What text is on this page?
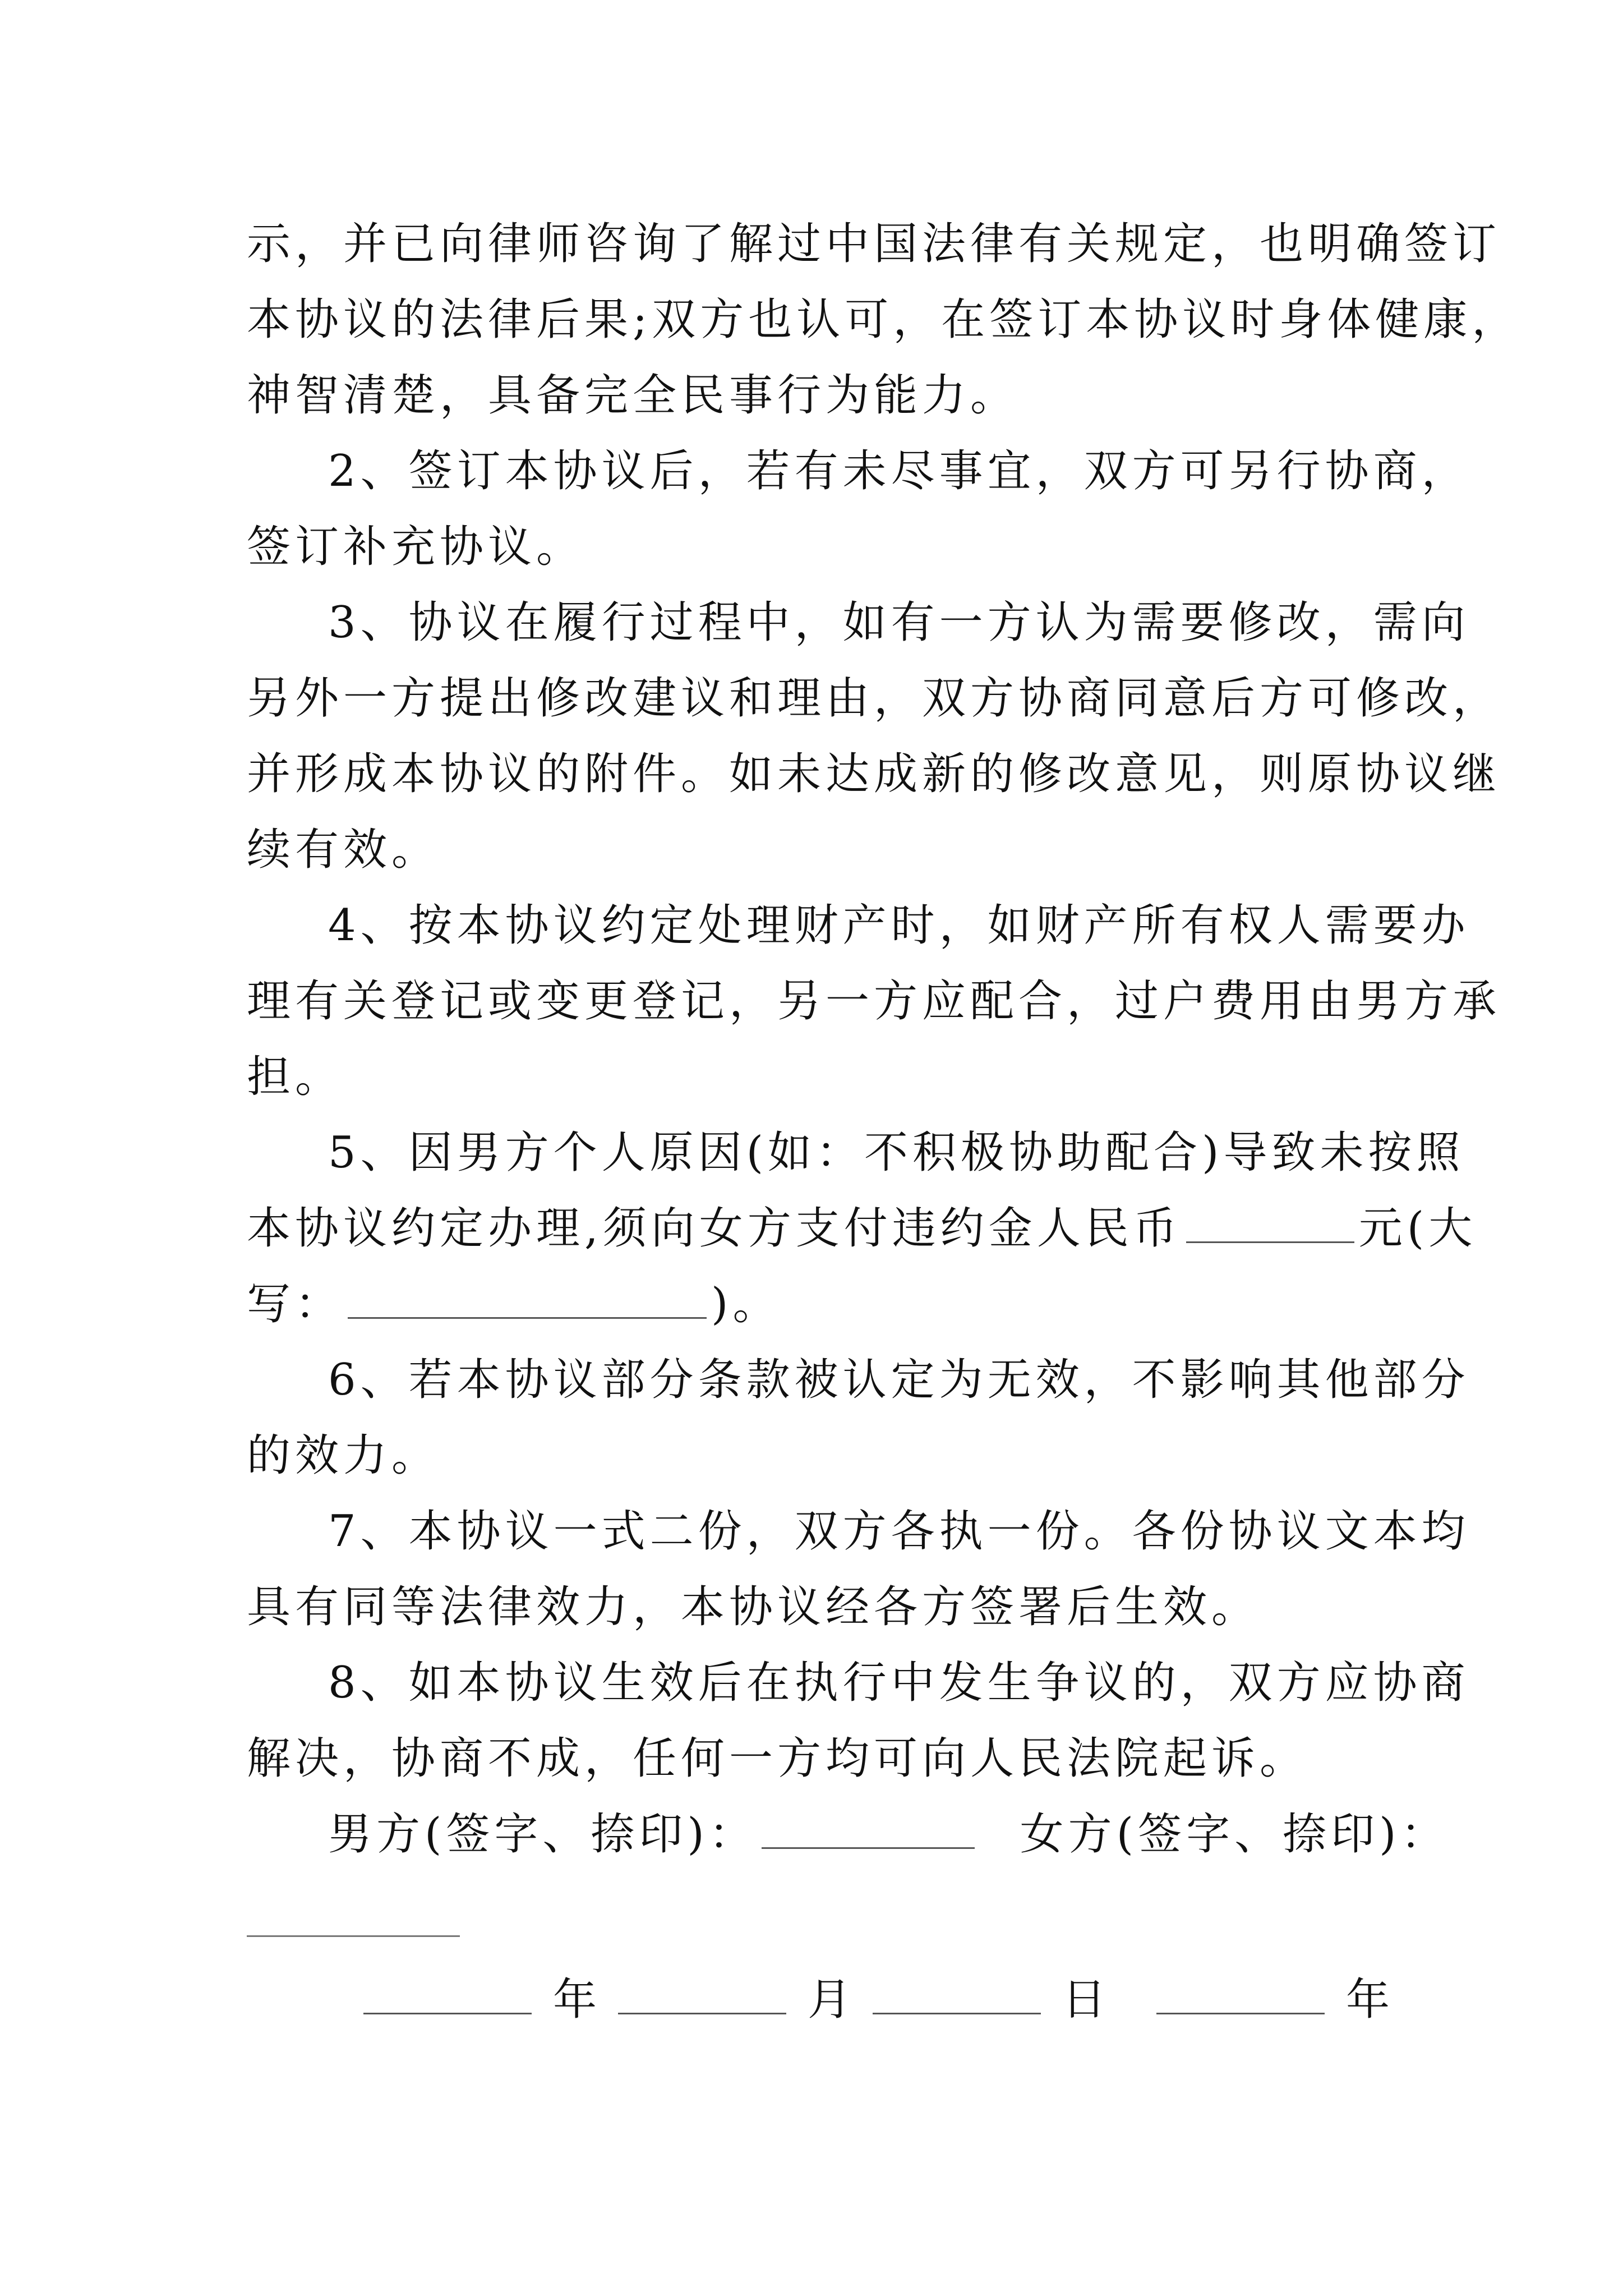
示，并已向律师咨询了解过中国法律有关规定，也明确签订
本协议的法律后果;双方也认可，在签订本协议时身体健康，
神智清楚，具备完全民事行为能力。
2、签订本协议后，若有未尽事宜，双方可另行协商，
签订补充协议。
3、协议在履行过程中，如有一方认为需要修改，需向
另外一方提出修改建议和理由，双方协商同意后方可修改，
并形成本协议的附件。如未达成新的修改意见，则原协议继
续有效。
4、按本协议约定处理财产时，如财产所有权人需要办
理有关登记或变更登记，另一方应配合，过户费用由男方承
担。
5、因男方个人原因(如：不积极协助配合)导致未按照
本协议约定办理,须向女方支付违约金人民币	元(大
写：	)。
6、若本协议部分条款被认定为无效，不影响其他部分
的效力。
7、本协议一式二份，双方各执一份。各份协议文本均
具有同等法律效力，本协议经各方签署后生效。
8、如本协议生效后在执行中发生争议的，双方应协商
解决，协商不成，任何一方均可向人民法院起诉。
男方(签字、捺印)：	女方(签字、捺印)：
年	月	日	年
